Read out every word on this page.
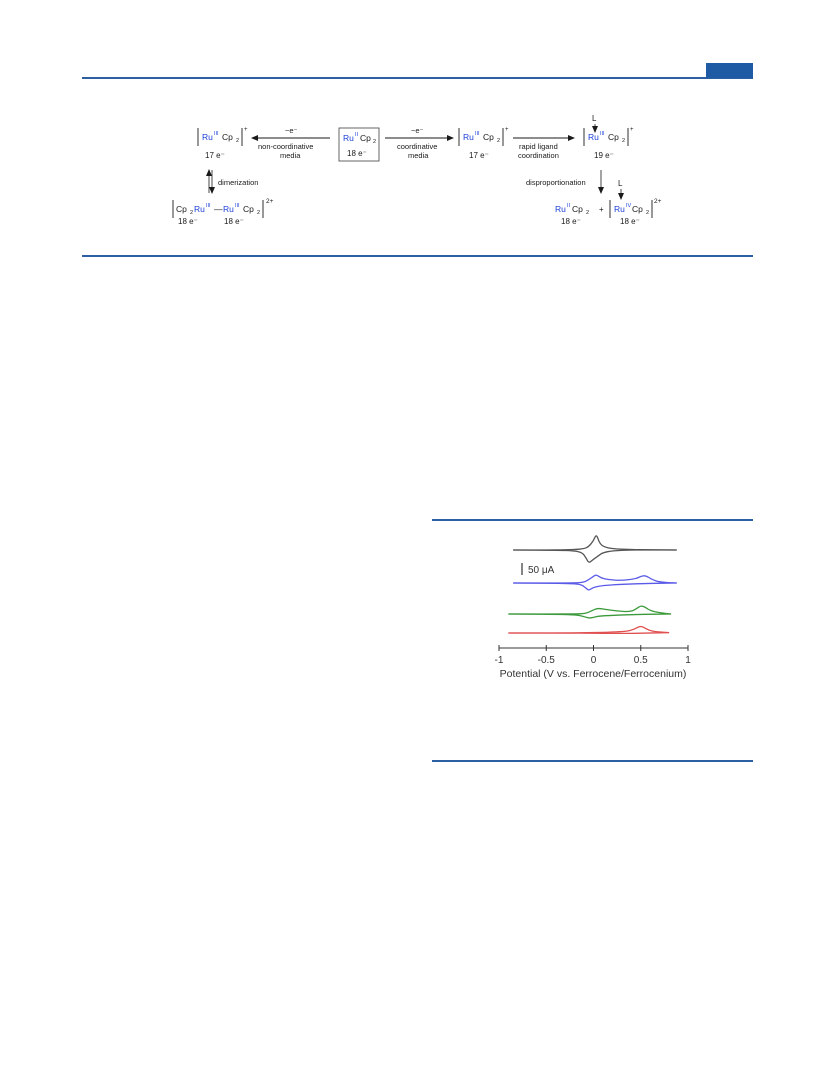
Ru III Cp 2
+
17 e⁻
−e⁻
non-coordinative
media
Ru II Cp 2
18 e⁻
−e⁻
coordinative
media
Ru III Cp 2
+
17 e⁻
rapid ligand
coordination
L
Ru III Cp 2
+
19 e⁻
dimerization
Cp 2 Ru III — Ru III Cp 2
2+
18 e⁻	18 e⁻
disproportionation
Ru II Cp 2
18 e⁻
+
L
Ru IV Cp 2
2+
18 e⁻
50 μA
-1	-0.5	0	0.5	1
Potential (V vs. Ferrocene/Ferrocenium)
